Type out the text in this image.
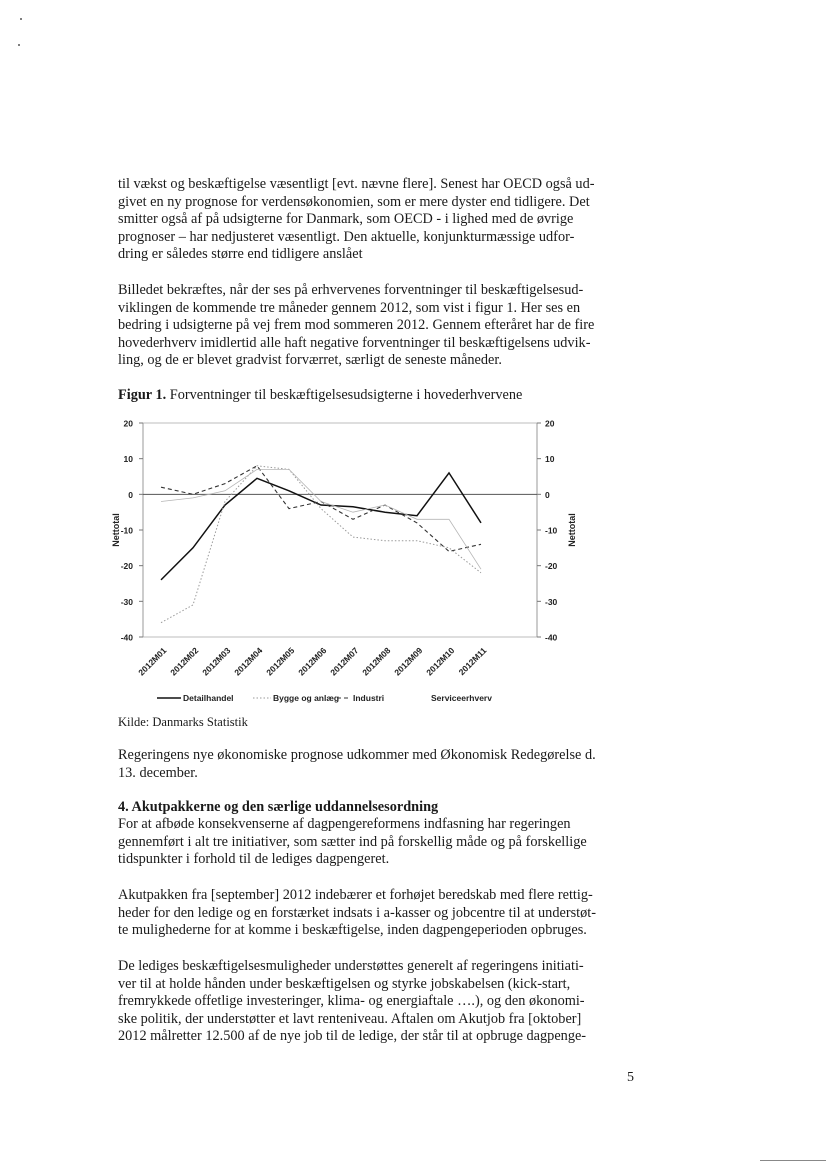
til vækst og beskæftigelse væsentligt [evt. nævne flere]. Senest har OECD også ud-
givet en ny prognose for verdensøkonomien, som er mere dyster end tidligere. Det
smitter også af på udsigterne for Danmark, som OECD - i lighed med de øvrige
prognoser – har nedjusteret væsentligt. Den aktuelle, konjunkturmæssige udfor-
dring er således større end tidligere anslået
Billedet bekræftes, når der ses på erhvervenes forventninger til beskæftigelsesud-
viklingen de kommende tre måneder gennem 2012, som vist i figur 1. Her ses en
bedring i udsigterne på vej frem mod sommeren 2012. Gennem efteråret har de fire
hovederhverv imidlertid alle haft negative forventninger til beskæftigelsens udvik-
ling, og de er blevet gradvist forværret, særligt de seneste måneder.
Figur 1. Forventninger til beskæftigelsesudsigterne i hovederhvervene
20	20
10	10
0	0
-10	-10
-20	-20
-30	-30
-40	-40
Nettotal	Nettotal
2012M01 2012M02 2012M03 2012M04 2012M05 2012M06 2012M07 2012M08 2012M09 2012M10 2012M11
Detailhandel	Bygge og anlæg Industri	Serviceerhverv
Kilde: Danmarks Statistik
Regeringens nye økonomiske prognose udkommer med Økonomisk Redegørelse d.
13. december.
4. Akutpakkerne og den særlige uddannelsesordning
For at afbøde konsekvenserne af dagpengereformens indfasning har regeringen
gennemført i alt tre initiativer, som sætter ind på forskellig måde og på forskellige
tidspunkter i forhold til de lediges dagpengeret.
Akutpakken fra [september] 2012 indebærer et forhøjet beredskab med flere rettig-
heder for den ledige og en forstærket indsats i a-kasser og jobcentre til at understøt-
te mulighederne for at komme i beskæftigelse, inden dagpengeperioden opbruges.
De lediges beskæftigelsesmuligheder understøttes generelt af regeringens initiati-
ver til at holde hånden under beskæftigelsen og styrke jobskabelsen (kick-start,
fremrykkede offetlige investeringer, klima- og energiaftale ….), og den økonomi-
ske politik, der understøtter et lavt renteniveau. Aftalen om Akutjob fra [oktober]
2012 målretter 12.500 af de nye job til de ledige, der står til at opbruge dagpenge-
5
